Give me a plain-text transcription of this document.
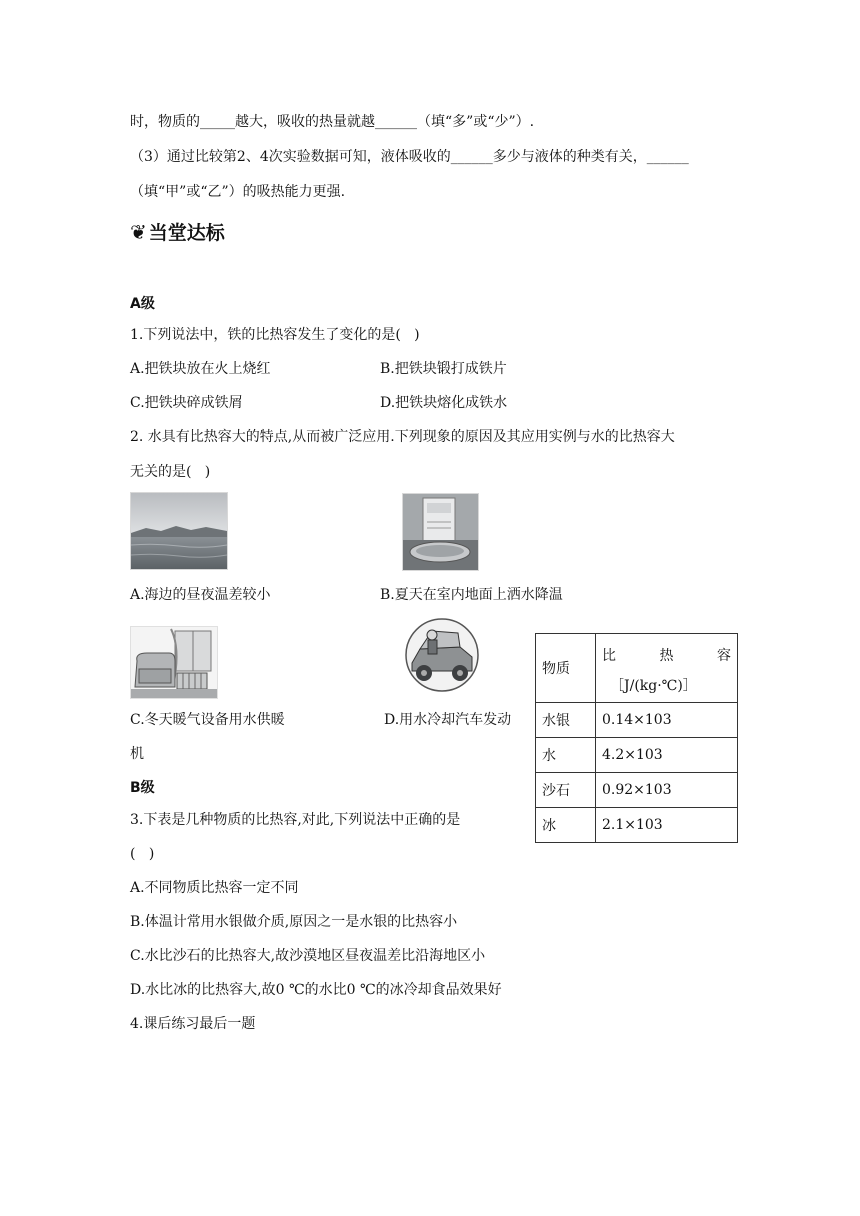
时，物质的_____越大，吸收的热量就越______（填“多”或“少”）.
（3）通过比较第2、4次实验数据可知，液体吸收的______多少与液体的种类有关，______
（填“甲”或“乙”）的吸热能力更强.
❦ 当堂达标
A级
1.下列说法中，铁的比热容发生了变化的是(   )
A.把铁块放在火上烧红	B.把铁块锻打成铁片
C.把铁块碎成铁屑	D.把铁块熔化成铁水
2. 水具有比热容大的特点,从而被广泛应用.下列现象的原因及其应用实例与水的比热容大
无关的是(   )
A.海边的昼夜温差较小	B.夏天在室内地面上洒水降温
物质	比 热 容
［J/(kg·℃)］

水银	0.14×103
水	4.2×103
沙石	0.92×103
冰	2.1×103
C.冬天暖气设备用水供暖	D.用水冷却汽车发动
机
B级
3.下表是几种物质的比热容,对此,下列说法中正确的是
(   )
A.不同物质比热容一定不同
B.体温计常用水银做介质,原因之一是水银的比热容小
C.水比沙石的比热容大,故沙漠地区昼夜温差比沿海地区小
D.水比冰的比热容大,故0 ℃的水比0 ℃的冰冷却食品效果好
4.课后练习最后一题
